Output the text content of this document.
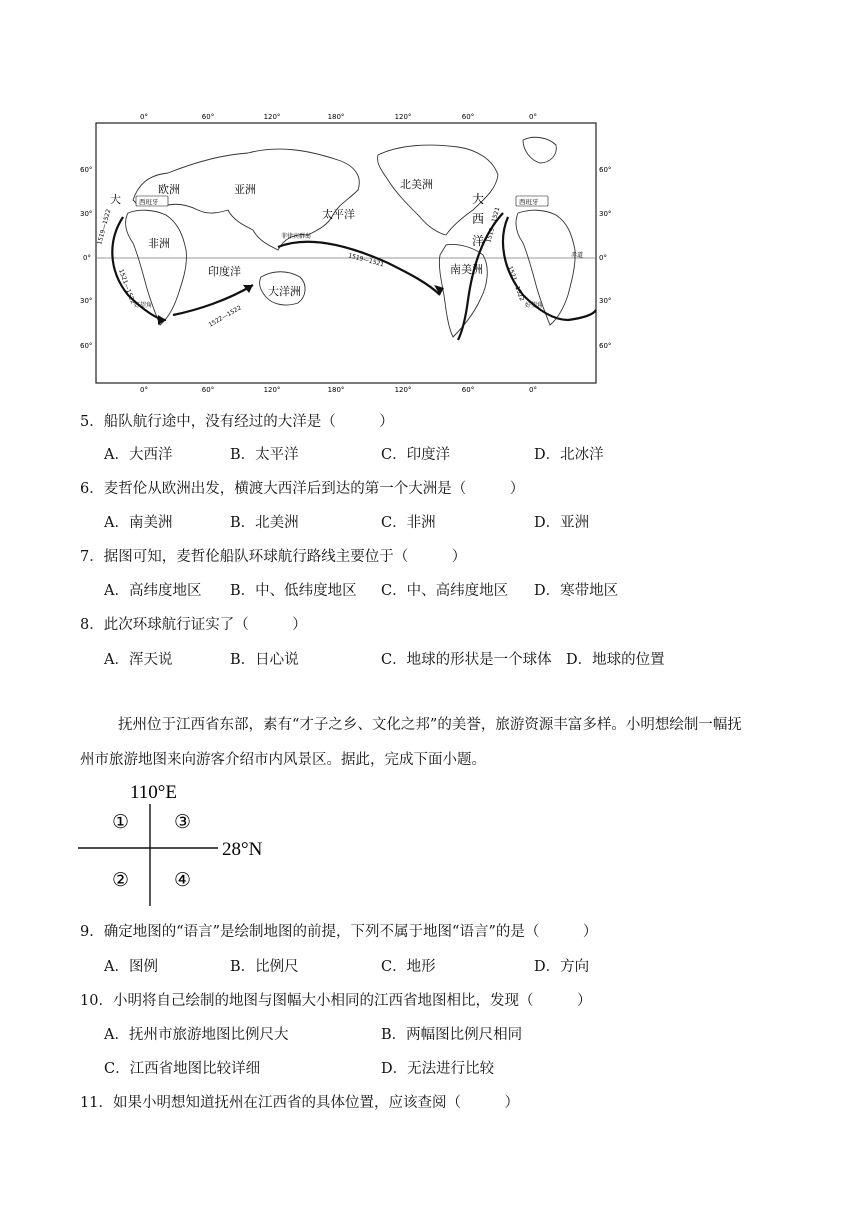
0°	60°	120°	180°	120°	60°	0°
0°	60°	120°	180°	120°	60°	0°
60°
30°
0°
30°
60°
60°
30°
0°
30°
60°
欧洲	亚洲
非洲
印度洋
大洋洲
太平洋
北美洲
南美洲
大	大
西
洋
西班牙	西班牙
菲律宾群岛
好望角	好望角
赤道
1519—1522
1521—1522
1522—1522
1519—1521
1519—1521
1521—1522
5．船队航行途中，没有经过的大洋是（　　　）
A．大西洋	B．太平洋	C．印度洋	D．北冰洋
6．麦哲伦从欧洲出发，横渡大西洋后到达的第一个大洲是（　　　）
A．南美洲	B．北美洲	C．非洲	D．亚洲
7．据图可知，麦哲伦船队环球航行路线主要位于（　　　）
A．高纬度地区 B．中、低纬度地区 C．中、高纬度地区 D．寒带地区
8．此次环球航行证实了（　　　）
A．浑天说	B．日心说	C．地球的形状是一个球体 D．地球的位置
抚州位于江西省东部，素有“才子之乡、文化之邦”的美誉，旅游资源丰富多样。小明想绘制一幅抚
州市旅游地图来向游客介绍市内风景区。据此，完成下面小题。
110°E
28°N
① ③
② ④
9．确定地图的“语言”是绘制地图的前提，下列不属于地图“语言”的是（　　　）
A．图例	B．比例尺	C．地形	D．方向
10．小明将自己绘制的地图与图幅大小相同的江西省地图相比，发现（　　　）
A．抚州市旅游地图比例尺大	B．两幅图比例尺相同
C．江西省地图比较详细	D．无法进行比较
11．如果小明想知道抚州在江西省的具体位置，应该查阅（　　　）
